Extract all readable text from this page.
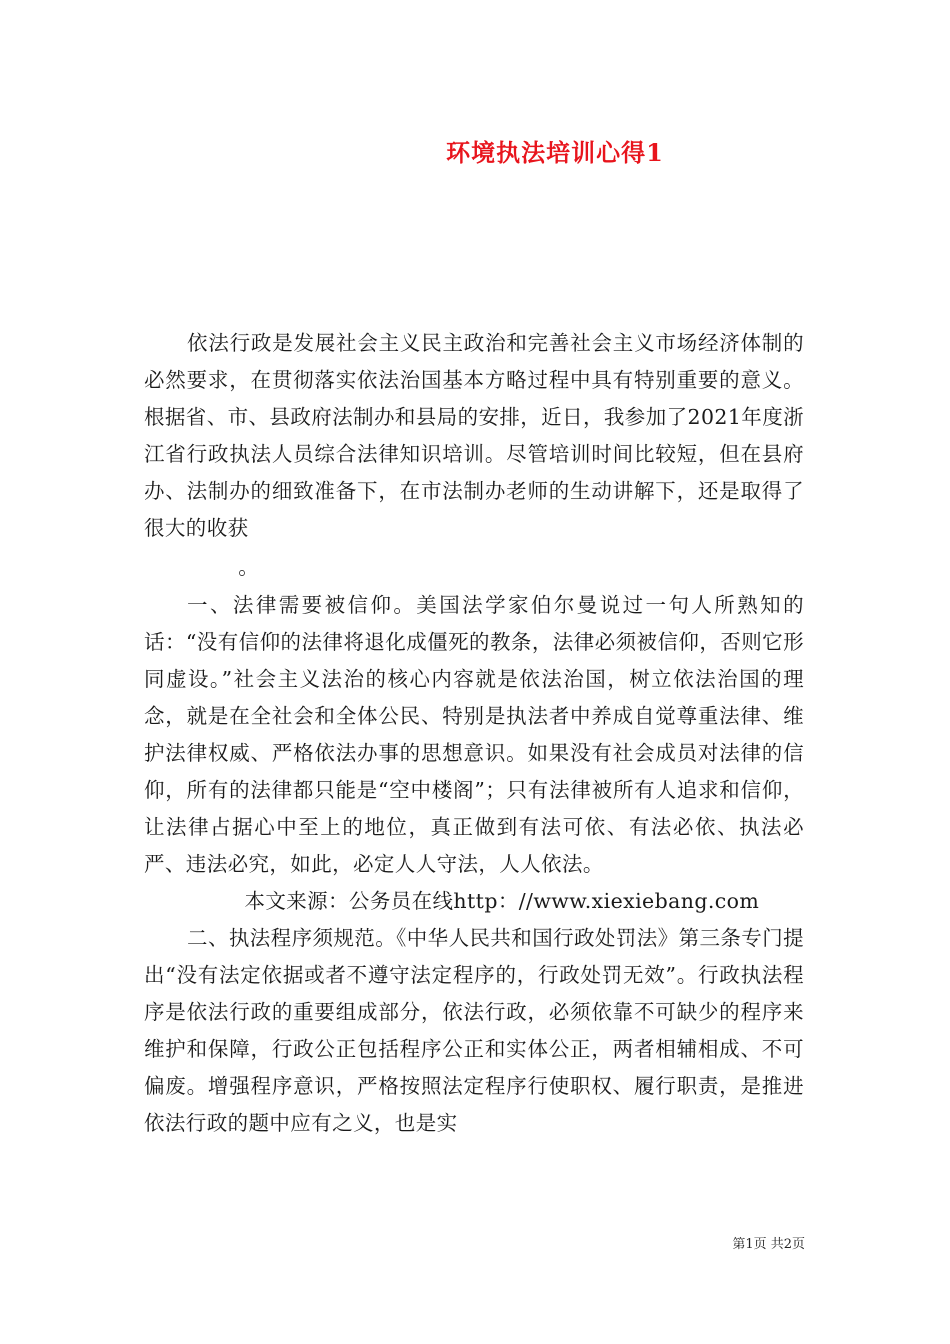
环境执法培训心得1

依法行政是发展社会主义民主政治和完善社会主义市场经济体制的必然要求，在贯彻落实依法治国基本方略过程中具有特别重要的意义。根据省、市、县政府法制办和县局的安排，近日，我参加了2021年度浙江省行政执法人员综合法律知识培训。尽管培训时间比较短，但在县府办、法制办的细致准备下，在市法制办老师的生动讲解下，还是取得了很大的收获

。

一、法律需要被信仰。美国法学家伯尔曼说过一句人所熟知的话：“没有信仰的法律将退化成僵死的教条，法律必须被信仰，否则它形同虚设。”社会主义法治的核心内容就是依法治国，树立依法治国的理念，就是在全社会和全体公民、特别是执法者中养成自觉尊重法律、维护法律权威、严格依法办事的思想意识。如果没有社会成员对法律的信仰，所有的法律都只能是“空中楼阁”；只有法律被所有人追求和信仰，让法律占据心中至上的地位，真正做到有法可依、有法必依、执法必严、违法必究，如此，必定人人守法，人人依法。

本文来源：公务员在线http：//www.xiexiebang.com

二、执法程序须规范。《中华人民共和国行政处罚法》第三条专门提出“没有法定依据或者不遵守法定程序的，行政处罚无效”。行政执法程序是依法行政的重要组成部分，依法行政，必须依靠不可缺少的程序来维护和保障，行政公正包括程序公正和实体公正，两者相辅相成、不可偏废。增强程序意识，严格按照法定程序行使职权、履行职责，是推进依法行政的题中应有之义，也是实

第1页 共2页
